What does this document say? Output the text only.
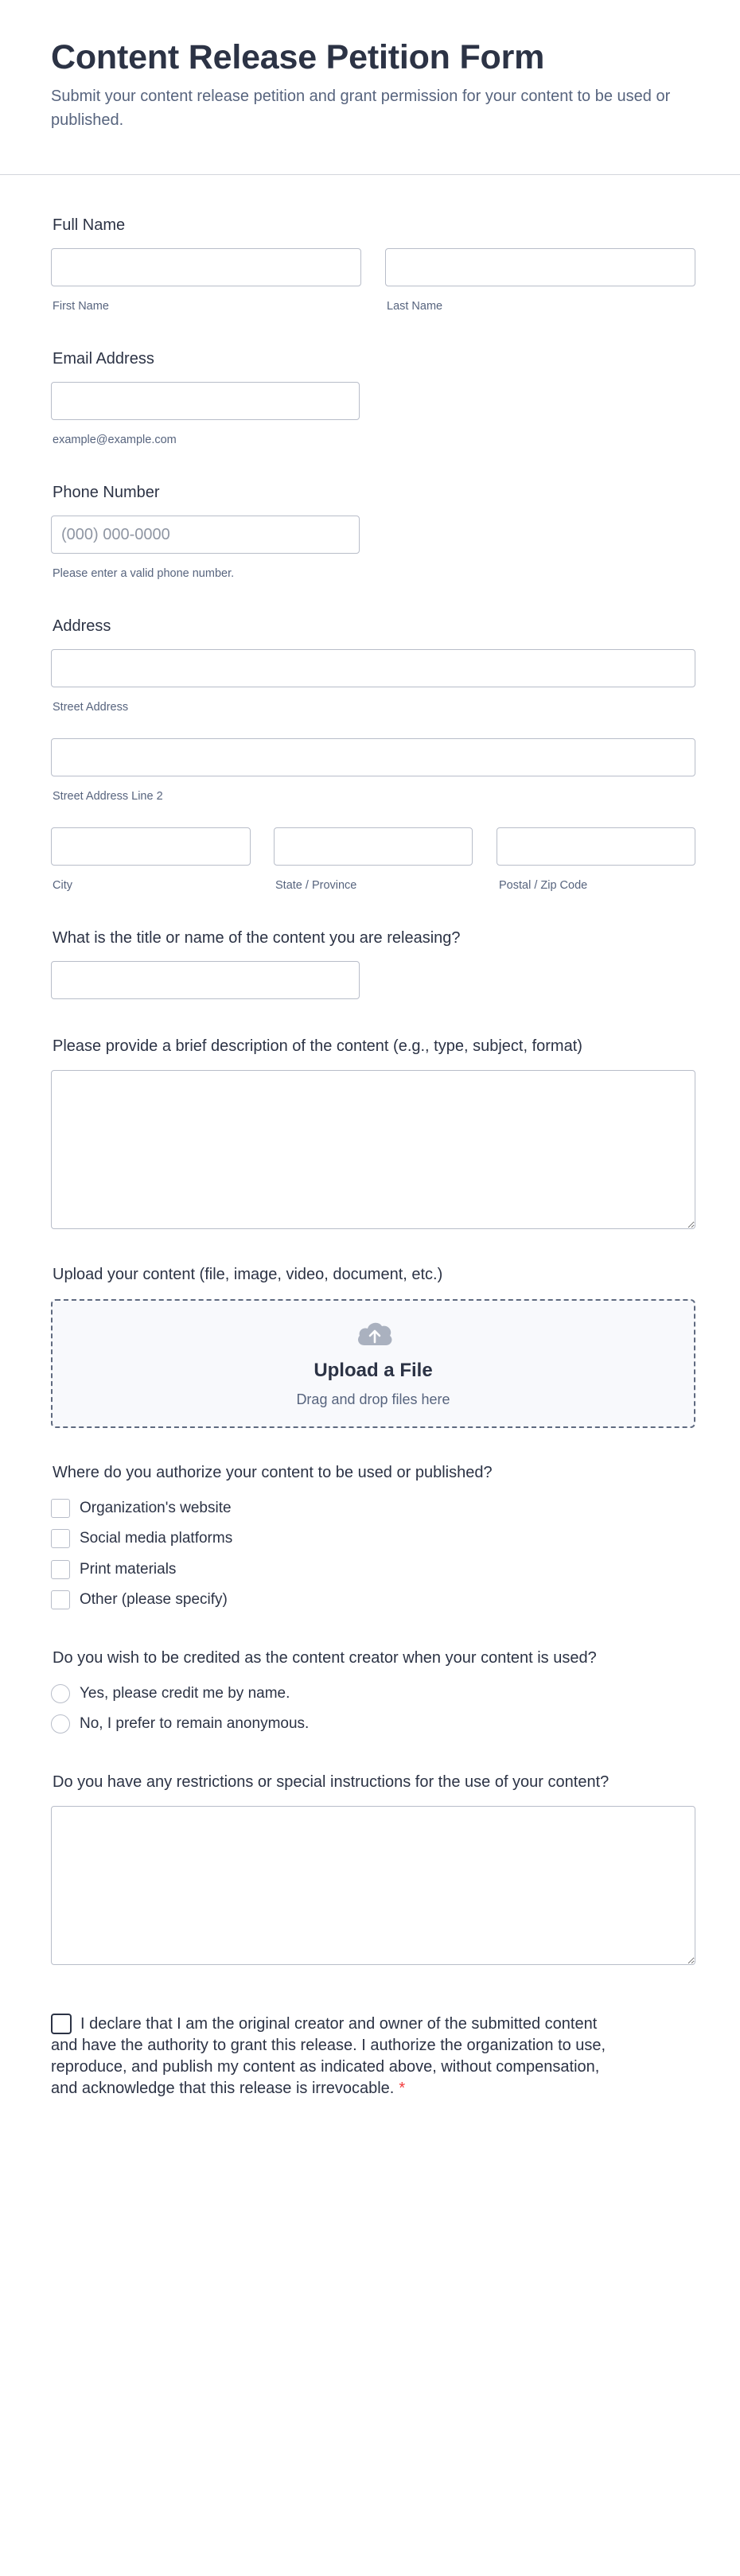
Content Release Petition Form
Submit your content release petition and grant permission for your content to be used or published.
Full Name
First Name	Last Name
Email Address
example@example.com
Phone Number
(000) 000-0000
Please enter a valid phone number.
Address
Street Address
Street Address Line 2
City	State / Province	Postal / Zip Code
What is the title or name of the content you are releasing?
Please provide a brief description of the content (e.g., type, subject, format)
Upload your content (file, image, video, document, etc.)
Upload a File
Drag and drop files here
Where do you authorize your content to be used or published?
Organization's website
Social media platforms
Print materials
Other (please specify)
Do you wish to be credited as the content creator when your content is used?
Yes, please credit me by name.
No, I prefer to remain anonymous.
Do you have any restrictions or special instructions for the use of your content?
I declare that I am the original creator and owner of the submitted content and have the authority to grant this release. I authorize the organization to use, reproduce, and publish my content as indicated above, without compensation, and acknowledge that this release is irrevocable. *
